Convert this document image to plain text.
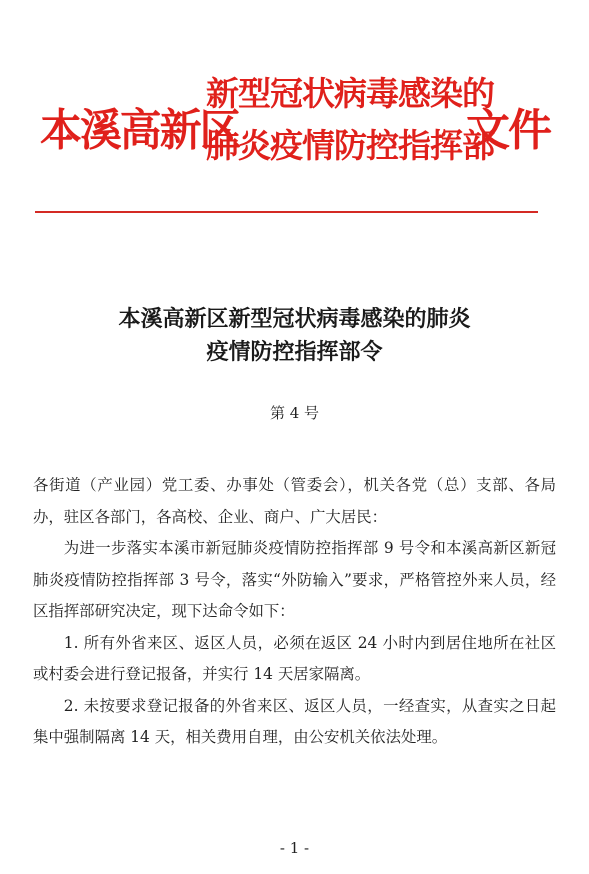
本溪高新区
新型冠状病毒感染的
肺炎疫情防控指挥部
文件
本溪高新区新型冠状病毒感染的肺炎
疫情防控指挥部令
第 4 号

各街道（产业园）党工委、办事处（管委会），机关各党（总）支部、各局办，驻区各部门，各高校、企业、商户、广大居民：

为进一步落实本溪市新冠肺炎疫情防控指挥部 9 号令和本溪高新区新冠肺炎疫情防控指挥部 3 号令，落实“外防输入”要求，严格管控外来人员，经区指挥部研究决定，现下达命令如下：

1. 所有外省来区、返区人员，必须在返区 24 小时内到居住地所在社区或村委会进行登记报备，并实行 14 天居家隔离。

2. 未按要求登记报备的外省来区、返区人员，一经查实，从查实之日起集中强制隔离 14 天，相关费用自理，由公安机关依法处理。

- 1 -
